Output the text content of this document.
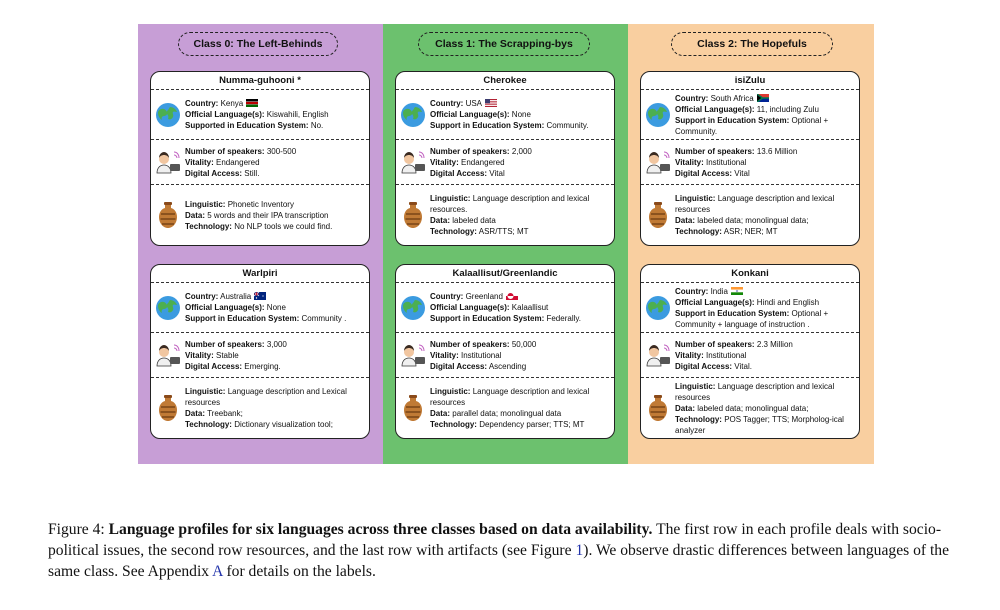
Class 0: The Left-Behinds
Numma-guhooni *
Country: Kenya
Official Language(s): Kiswahili, English
Supported in Education System: No.
Number of speakers: 300-500
Vitality: Endangered
Digital Access: Still.
Linguistic: Phonetic Inventory
Data: 5 words and their IPA transcription
Technology: No NLP tools we could find.
Warlpiri
Country: Australia
Official Language(s): None
Support in Education System: Community .
Number of speakers: 3,000
Vitality: Stable
Digital Access: Emerging.
Linguistic: Language description and Lexical resources
Data: Treebank;
Technology: Dictionary visualization tool;
Class 1: The Scrapping-bys
Cherokee
Country: USA
Official Language(s): None
Support in Education System: Community.
Number of speakers: 2,000
Vitality: Endangered
Digital Access: Vital
Linguistic: Language description and lexical resources.
Data: labeled data
Technology: ASR/TTS; MT
Kalaallisut/Greenlandic
Country: Greenland
Official Language(s): Kalaallisut
Support in Education System: Federally.
Number of speakers: 50,000
Vitality: Institutional
Digital Access: Ascending
Linguistic: Language description and lexical resources
Data: parallel data; monolingual data
Technology: Dependency parser; TTS; MT
Class 2: The Hopefuls
isiZulu
Country: South Africa
Official Language(s): 11, including Zulu
Support in Education System: Optional + Community.
Number of speakers: 13.6 Million
Vitality: Institutional
Digital Access: Vital
Linguistic: Language description and lexical resources
Data: labeled data; monolingual data;
Technology: ASR; NER; MT
Konkani
Country: India
Official Language(s): Hindi and English
Support in Education System: Optional + Community + language of instruction .
Number of speakers: 2.3 Million
Vitality: Institutional
Digital Access: Vital.
Linguistic: Language description and lexical resources
Data: labeled data; monolingual data;
Technology: POS Tagger; TTS; Morpholog-ical analyzer
Figure 4: Language profiles for six languages across three classes based on data availability. The first row in each profile deals with socio-political issues, the second row resources, and the last row with artifacts (see Figure 1). We observe drastic differences between languages of the same class. See Appendix A for details on the labels.
